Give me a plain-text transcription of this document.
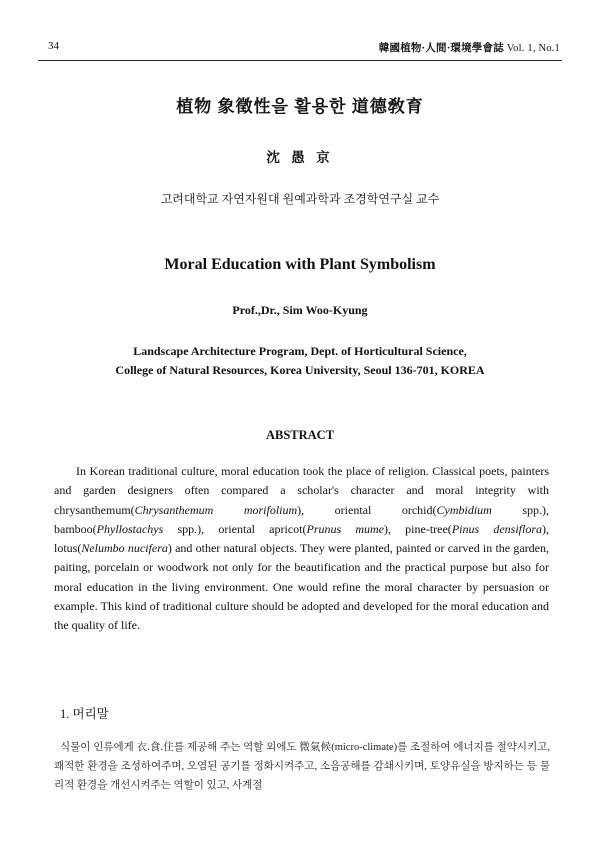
34	韓國植物·人間·環境學會誌 Vol. 1, No.1
植物 象徵性을 활용한 道德敎育
沈 愚 京
고려대학교 자연자원대 원예과학과 조경학연구실 교수
Moral Education with Plant Symbolism
Prof.,Dr., Sim Woo-Kyung
Landscape Architecture Program, Dept. of Horticultural Science,
College of Natural Resources, Korea University, Seoul 136-701, KOREA
ABSTRACT
In Korean traditional culture, moral education took the place of religion. Classical poets, painters and garden designers often compared a scholar's character and moral integrity with chrysanthemum(Chrysanthemum morifolium), oriental orchid(Cymbidium spp.), bamboo(Phyllostachys spp.), oriental apricot(Prunus mume), pine-tree(Pinus densiflora), lotus(Nelumbo nucifera) and other natural objects. They were planted, painted or carved in the garden, paiting, porcelain or woodwork not only for the beautification and the practical purpose but also for moral education in the living environment. One would refine the moral character by persuasion or example. This kind of traditional culture should be adopted and developed for the moral education and the quality of life.
1. 머리말
식물이 인류에게 衣.食.住를 제공해 주는 역할 외에도 微氣候(micro-climate)를 조절하여 에너지를 절약시키고, 쾌적한 환경을 조성하여주며, 오염된 공기를 정화시켜주고, 소음공해를 감쇄시키며, 토양유실을 방지하는 등 물리적 환경을 개선시켜주는 역할이 있고, 사계절
